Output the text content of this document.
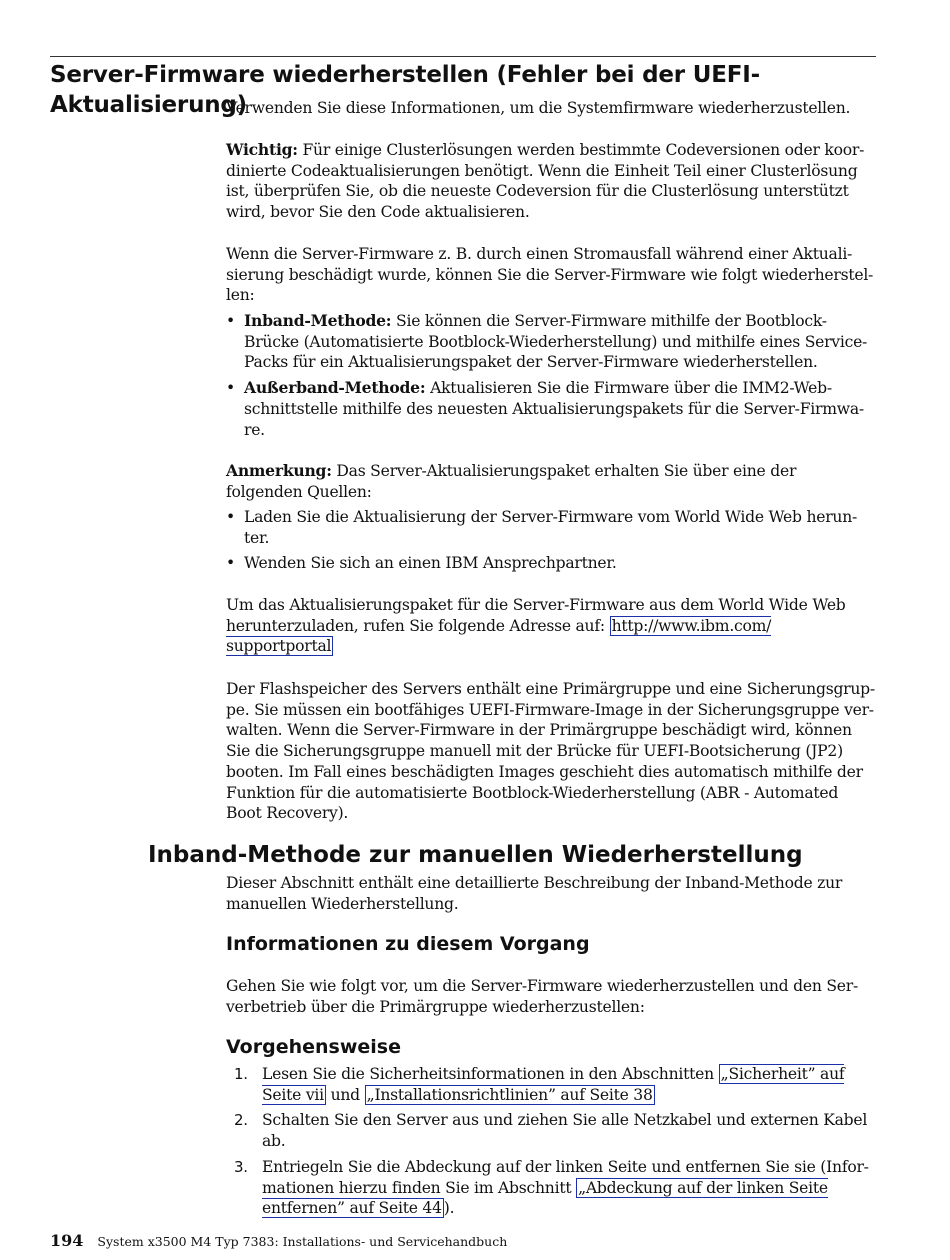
Server-Firmware wiederherstellen (Fehler bei der UEFI-Aktualisierung)

Verwenden Sie diese Informationen, um die Systemfirmware wiederherzustellen.

Wichtig: Für einige Clusterlösungen werden bestimmte Codeversionen oder koor-dinierte Codeaktualisierungen benötigt. Wenn die Einheit Teil einer Clusterlösung ist, überprüfen Sie, ob die neueste Codeversion für die Clusterlösung unterstützt wird, bevor Sie den Code aktualisieren.

Wenn die Server-Firmware z. B. durch einen Stromausfall während einer Aktuali-sierung beschädigt wurde, können Sie die Server-Firmware wie folgt wiederherstel-len:

• Inband-Methode: Sie können die Server-Firmware mithilfe der Bootblock-Brücke (Automatisierte Bootblock-Wiederherstellung) und mithilfe eines Service-Packs für ein Aktualisierungspaket der Server-Firmware wiederherstellen.
• Außerband-Methode: Aktualisieren Sie die Firmware über die IMM2-Web-schnittstelle mithilfe des neuesten Aktualisierungspakets für die Server-Firmwa-re.

Anmerkung: Das Server-Aktualisierungspaket erhalten Sie über eine der folgenden Quellen:

• Laden Sie die Aktualisierung der Server-Firmware vom World Wide Web herun-ter.
• Wenden Sie sich an einen IBM Ansprechpartner.

Um das Aktualisierungspaket für die Server-Firmware aus dem World Wide Web herunterzuladen, rufen Sie folgende Adresse auf: http://www.ibm.com/ supportportal

Der Flashspeicher des Servers enthält eine Primärgruppe und eine Sicherungsgrup-pe. Sie müssen ein bootfähiges UEFI-Firmware-Image in der Sicherungsgruppe ver-walten. Wenn die Server-Firmware in der Primärgruppe beschädigt wird, können Sie die Sicherungsgruppe manuell mit der Brücke für UEFI-Bootsicherung (JP2) booten. Im Fall eines beschädigten Images geschieht dies automatisch mithilfe der Funktion für die automatisierte Bootblock-Wiederherstellung (ABR - Automated Boot Recovery).

Inband-Methode zur manuellen Wiederherstellung

Dieser Abschnitt enthält eine detaillierte Beschreibung der Inband-Methode zur manuellen Wiederherstellung.

Informationen zu diesem Vorgang

Gehen Sie wie folgt vor, um die Server-Firmware wiederherzustellen und den Ser-verbetrieb über die Primärgruppe wiederherzustellen:

Vorgehensweise
1. Lesen Sie die Sicherheitsinformationen in den Abschnitten „Sicherheit” auf Seite vii und „Installationsrichtlinien” auf Seite 38
2. Schalten Sie den Server aus und ziehen Sie alle Netzkabel und externen Kabel ab.
3. Entriegeln Sie die Abdeckung auf der linken Seite und entfernen Sie sie (Infor-mationen hierzu finden Sie im Abschnitt „Abdeckung auf der linken Seite entfernen” auf Seite 44 ).
194 System x3500 M4 Typ 7383: Installations- und Servicehandbuch
